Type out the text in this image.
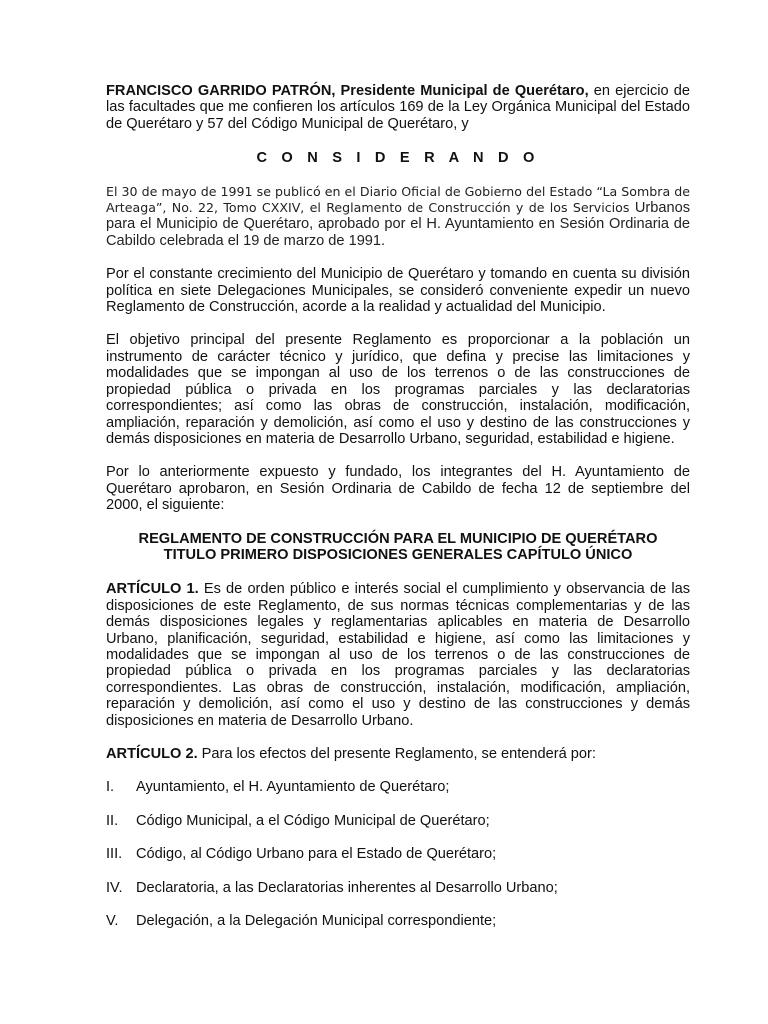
FRANCISCO GARRIDO PATRÓN, Presidente Municipal de Querétaro, en ejercicio de las facultades que me confieren los artículos 169 de la Ley Orgánica Municipal del Estado de Querétaro y 57 del Código Municipal de Querétaro, y

C O N S I D E R A N D O

El 30 de mayo de 1991 se publicó en el Diario Oficial de Gobierno del Estado “La Sombra de Arteaga”, No. 22, Tomo CXXIV, el Reglamento de Construcción y de los Servicios Urbanos para el Municipio de Querétaro, aprobado por el H. Ayuntamiento en Sesión Ordinaria de Cabildo celebrada el 19 de marzo de 1991.

Por el constante crecimiento del Municipio de Querétaro y tomando en cuenta su división política en siete Delegaciones Municipales, se consideró conveniente expedir un nuevo Reglamento de Construcción, acorde a la realidad y actualidad del Municipio.

El objetivo principal del presente Reglamento es proporcionar a la población un instrumento de carácter técnico y jurídico, que defina y precise las limitaciones y modalidades que se impongan al uso de los terrenos o de las construcciones de propiedad pública o privada en los programas parciales y las declaratorias correspondientes; así como las obras de construcción, instalación, modificación, ampliación, reparación y demolición, así como el uso y destino de las construcciones y demás disposiciones en materia de Desarrollo Urbano, seguridad, estabilidad e higiene.

Por lo anteriormente expuesto y fundado, los integrantes del H. Ayuntamiento de Querétaro aprobaron, en Sesión Ordinaria de Cabildo de fecha 12 de septiembre del 2000, el siguiente:

REGLAMENTO DE CONSTRUCCIÓN PARA EL MUNICIPIO DE QUERÉTARO
TITULO PRIMERO DISPOSICIONES GENERALES CAPÍTULO ÚNICO

ARTÍCULO 1. Es de orden público e interés social el cumplimiento y observancia de las disposiciones de este Reglamento, de sus normas técnicas complementarias y de las demás disposiciones legales y reglamentarias aplicables en materia de Desarrollo Urbano, planificación, seguridad, estabilidad e higiene, así como las limitaciones y modalidades que se impongan al uso de los terrenos o de las construcciones de propiedad pública o privada en los programas parciales y las declaratorias correspondientes. Las obras de construcción, instalación, modificación, ampliación, reparación y demolición, así como el uso y destino de las construcciones y demás disposiciones en materia de Desarrollo Urbano.

ARTÍCULO 2. Para los efectos del presente Reglamento, se entenderá por:

I.	Ayuntamiento, el H. Ayuntamiento de Querétaro;
II.	Código Municipal, a el Código Municipal de Querétaro;
III. Código, al Código Urbano para el Estado de Querétaro;
IV. Declaratoria, a las Declaratorias inherentes al Desarrollo Urbano;
V.	Delegación, a la Delegación Municipal correspondiente;
